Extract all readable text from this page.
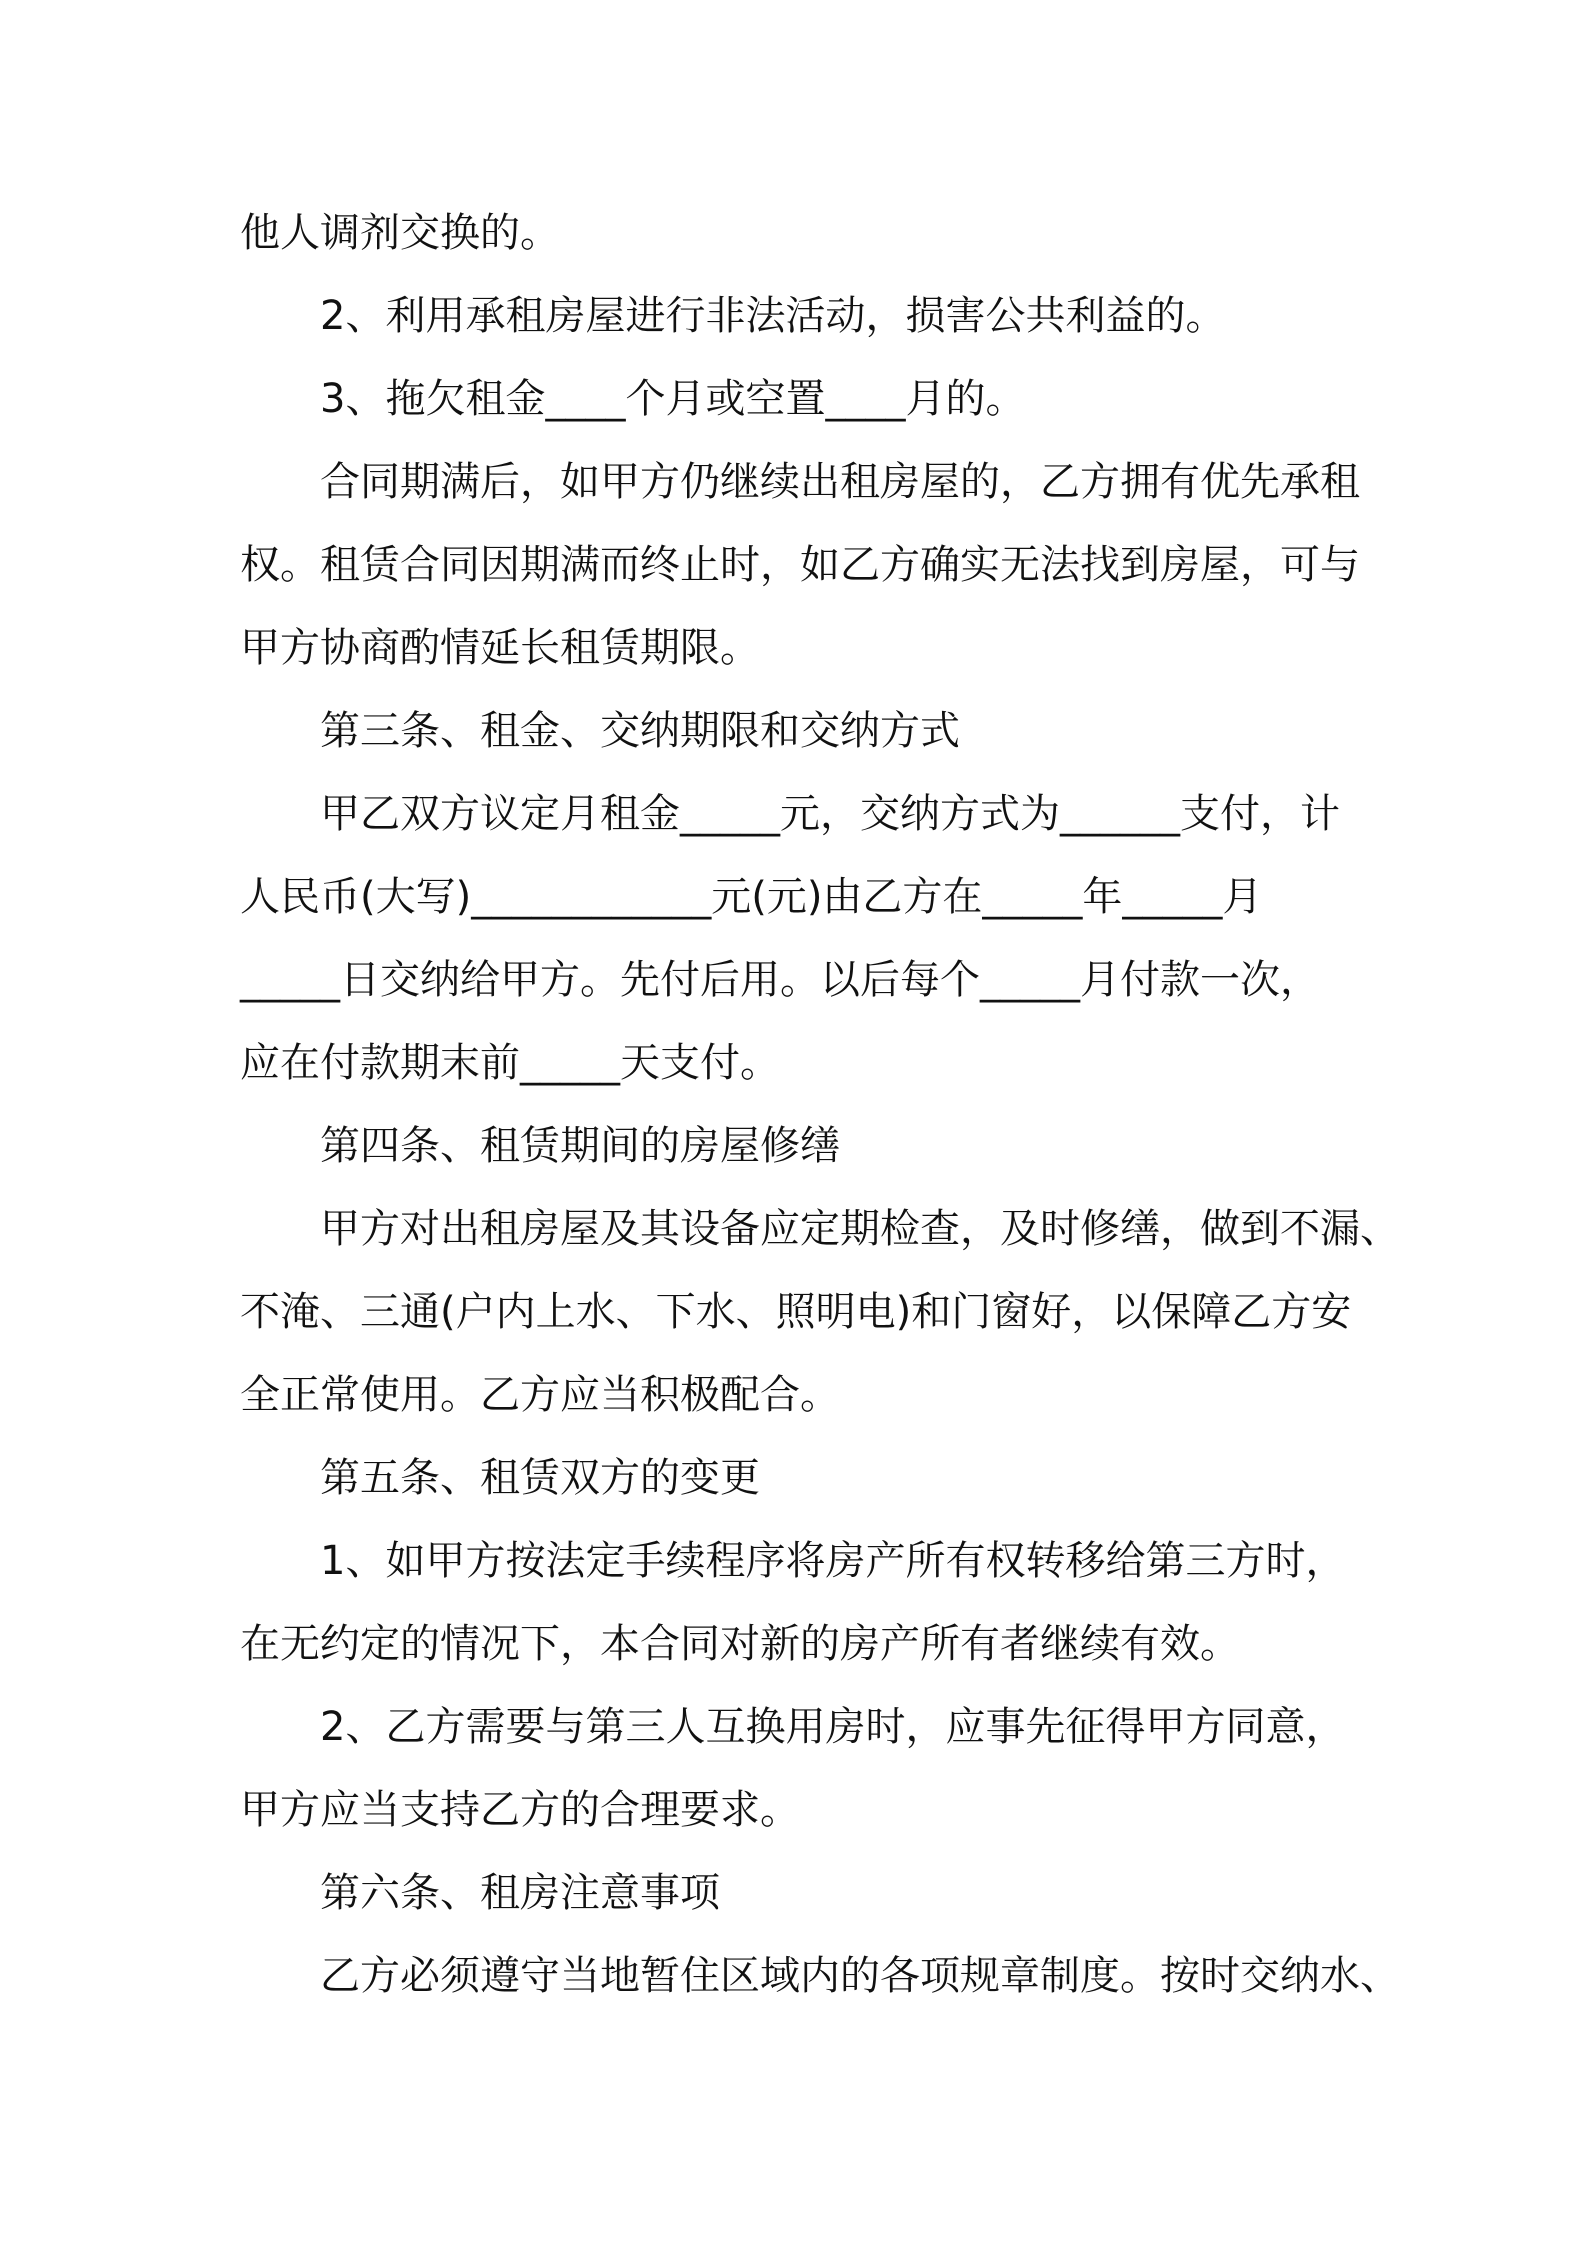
他人调剂交换的。
2、利用承租房屋进行非法活动，损害公共利益的。
3、拖欠租金____个月或空置____月的。
合同期满后，如甲方仍继续出租房屋的，乙方拥有优先承租
权。租赁合同因期满而终止时，如乙方确实无法找到房屋，可与
甲方协商酌情延长租赁期限。
第三条、租金、交纳期限和交纳方式
甲乙双方议定月租金_____元，交纳方式为______支付，计
人民币(大写)____________元(元)由乙方在_____年_____月
_____日交纳给甲方。先付后用。以后每个_____月付款一次，
应在付款期末前_____天支付。
第四条、租赁期间的房屋修缮
甲方对出租房屋及其设备应定期检查，及时修缮，做到不漏、
不淹、三通(户内上水、下水、照明电)和门窗好，以保障乙方安
全正常使用。乙方应当积极配合。
第五条、租赁双方的变更
1、如甲方按法定手续程序将房产所有权转移给第三方时，
在无约定的情况下，本合同对新的房产所有者继续有效。
2、乙方需要与第三人互换用房时，应事先征得甲方同意，
甲方应当支持乙方的合理要求。
第六条、租房注意事项
乙方必须遵守当地暂住区域内的各项规章制度。按时交纳水、
